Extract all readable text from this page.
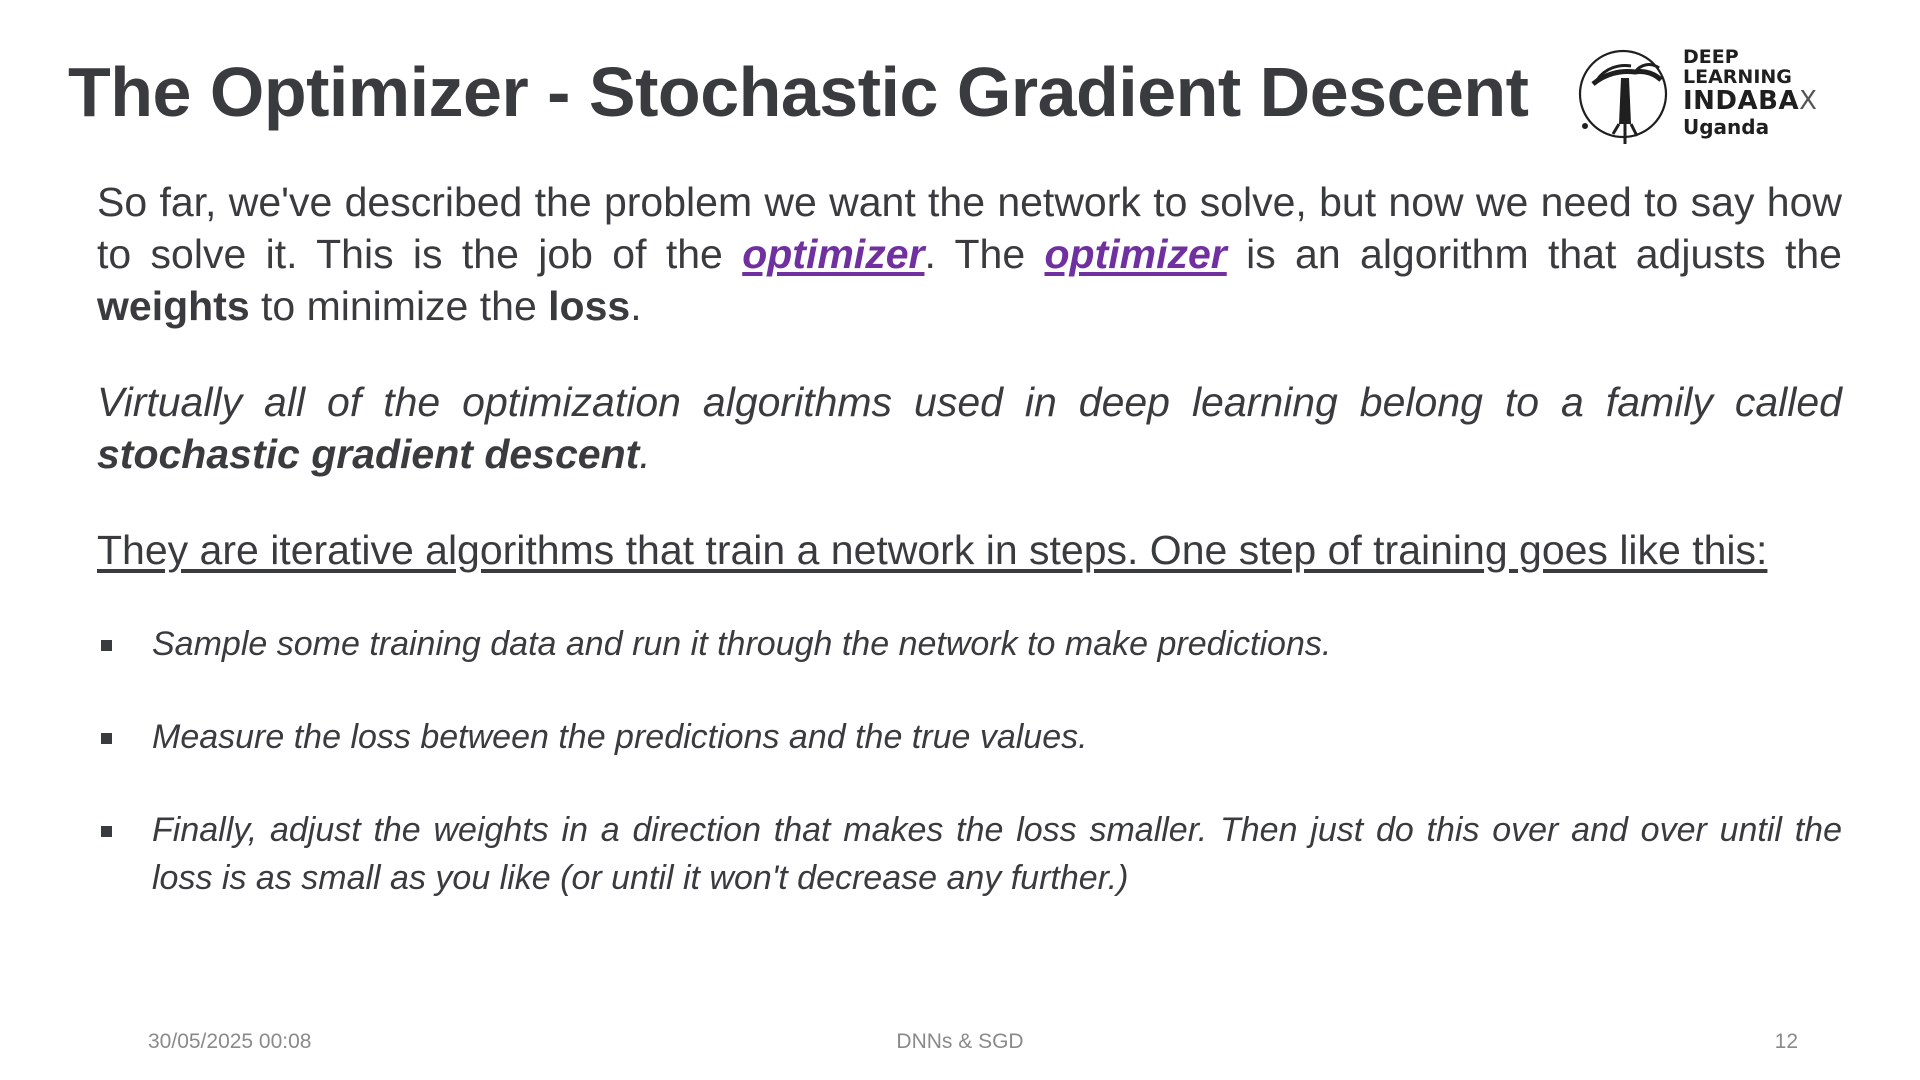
The Optimizer - Stochastic Gradient Descent	DEEP
LEARNING
INDABAX
Uganda

So far, we've described the problem we want the network to solve, but now we need to say how to solve it. This is the job of the optimizer. The optimizer is an algorithm that adjusts the weights to minimize the loss.

Virtually all of the optimization algorithms used in deep learning belong to a family called stochastic gradient descent.

They are iterative algorithms that train a network in steps. One step of training goes like this:

Sample some training data and run it through the network to make predictions.
Measure the loss between the predictions and the true values.
Finally, adjust the weights in a direction that makes the loss smaller. Then just do this over and over until the loss is as small as you like (or until it won't decrease any further.)
30/05/2025 00:08	DNNs & SGD	12
